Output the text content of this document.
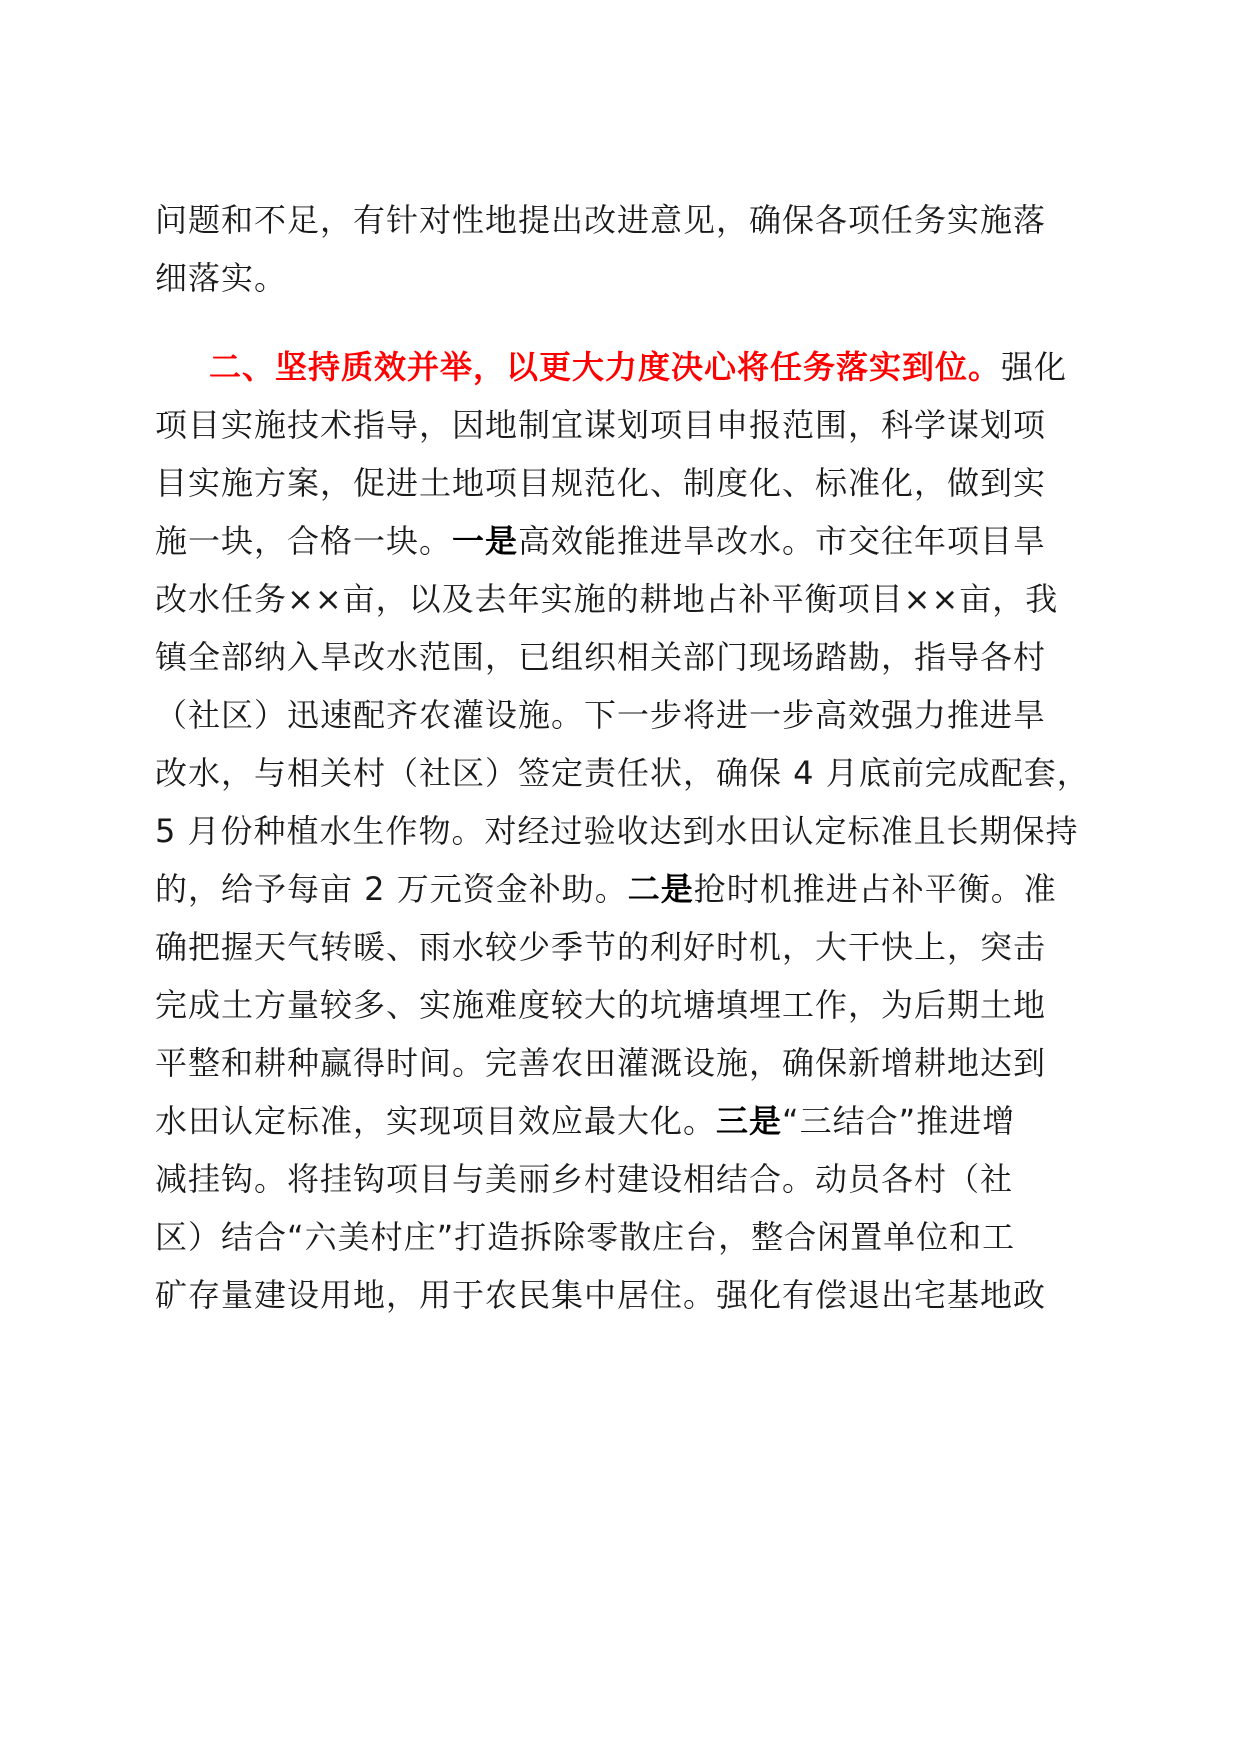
问题和不足，有针对性地提出改进意见，确保各项任务实施落
细落实。
二、坚持质效并举，以更大力度决心将任务落实到位。强化
项目实施技术指导，因地制宜谋划项目申报范围，科学谋划项
目实施方案，促进土地项目规范化、制度化、标准化，做到实
施一块，合格一块。一是高效能推进旱改水。市交往年项目旱
改水任务××亩，以及去年实施的耕地占补平衡项目××亩，我
镇全部纳入旱改水范围，已组织相关部门现场踏勘，指导各村
（社区）迅速配齐农灌设施。下一步将进一步高效强力推进旱
改水，与相关村（社区）签定责任状，确保 4 月底前完成配套，
5 月份种植水生作物。对经过验收达到水田认定标准且长期保持
的，给予每亩 2 万元资金补助。二是抢时机推进占补平衡。准
确把握天气转暖、雨水较少季节的利好时机，大干快上，突击
完成土方量较多、实施难度较大的坑塘填埋工作，为后期土地
平整和耕种赢得时间。完善农田灌溉设施，确保新增耕地达到
水田认定标准，实现项目效应最大化。三是“三结合”推进增
减挂钩。将挂钩项目与美丽乡村建设相结合。动员各村（社
区）结合“六美村庄”打造拆除零散庄台，整合闲置单位和工
矿存量建设用地，用于农民集中居住。强化有偿退出宅基地政
